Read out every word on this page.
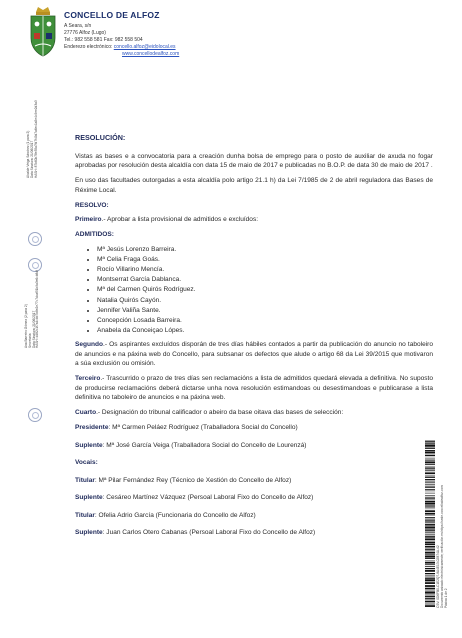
CONCELLO DE ALFOZ
A Seara, s/n
27776 Alfoz (Lugo)
Tel.: 982 558 581 Fax: 982 558 504
Enderezo electrónico: concello.alfoz@eidolocal.es
www.concellodealfoz.com
Alcalde Veiga Sánchez (1 para 2) Data Sinatura: 21/06/2017 HASH: 87b60b78e35a7fd7f49d7a6ec1a5e4c9ee2d3a3
Ana Barreiro Gómez (2 para 2) Secretaria Data Sinatura: 21/06/2017 HASH: d482c1f7a4cbb7b8e2e77c7dcaf51b9a3e6cb8df
CSV: 0D6FB0-C1E2Q7-8A4E13-02B74A-42 Documento asinado electrónicamente; verificación en https://sede.concellodealfoz.com Páxina 1 de 2
RESOLUCIÓN:

Vistas as bases e a convocatoria para a creación dunha bolsa de emprego para o posto de auxiliar de axuda no fogar aprobadas por resolución desta alcaldía con data 15 de maio de 2017 e publicadas no B.O.P. de data 30 de maio de 2017 .

En uso das facultades outorgadas a esta alcaldía polo artigo 21.1 h) da Lei 7/1985 de 2 de abril reguladora das Bases de Réxime Local.

RESOLVO:

Primeiro.- Aprobar a lista provisional de admitidos e excluídos:

ADMITIDOS:
• Mª Jesús Lorenzo Barreira.
• Mª Celia Fraga Goás.
• Rocío Villarino Mencía.
• Montserrat García Dablanca.
• Mª del Carmen Quirós Rodríguez.
• Natalia Quirós Cayón.
• Jennifer Valiña Sante.
• Concepción Losada Barreira.
• Anabela da Conceiçao Lópes.

Segundo.- Os aspirantes excluídos disporán de tres días hábiles contados a partir da publicación do anuncio no taboleiro de anuncios e na páxina web do Concello, para subsanar os defectos que alude o artigo 68 da Lei 39/2015 que motivaron a súa exclusión ou omisión.

Terceiro.- Trascurrido o prazo de tres días sen reclamacións a lista de admitidos quedará elevada a definitiva. No suposto de producirse reclamacións deberá dictarse unha nova resolución estimandoas ou desestimandoas e publicarase a lista definitiva no taboleiro de anuncios e na páxina web.

Cuarto.- Designación do tribunal calificador o abeiro da base oitava das bases de selección:

Presidente: Mª Carmen Peláez Rodríguez (Traballadora Social do Concello)
Suplente: Mª José García Veiga (Traballadora Social do Concello de Lourenzá)
Vocais:
Titular: Mª Pilar Fernández Rey (Técnico de Xestión do Concello de Alfoz)
Suplente: Cesáreo Martínez Vázquez (Persoal Laboral Fixo do Concello de Alfoz)
Titular: Ofelia Adrio García (Funcionaria do Concello de Alfoz)
Suplente: Juan Carlos Otero Cabanas (Persoal Laboral Fixo do Concello de Alfoz)
